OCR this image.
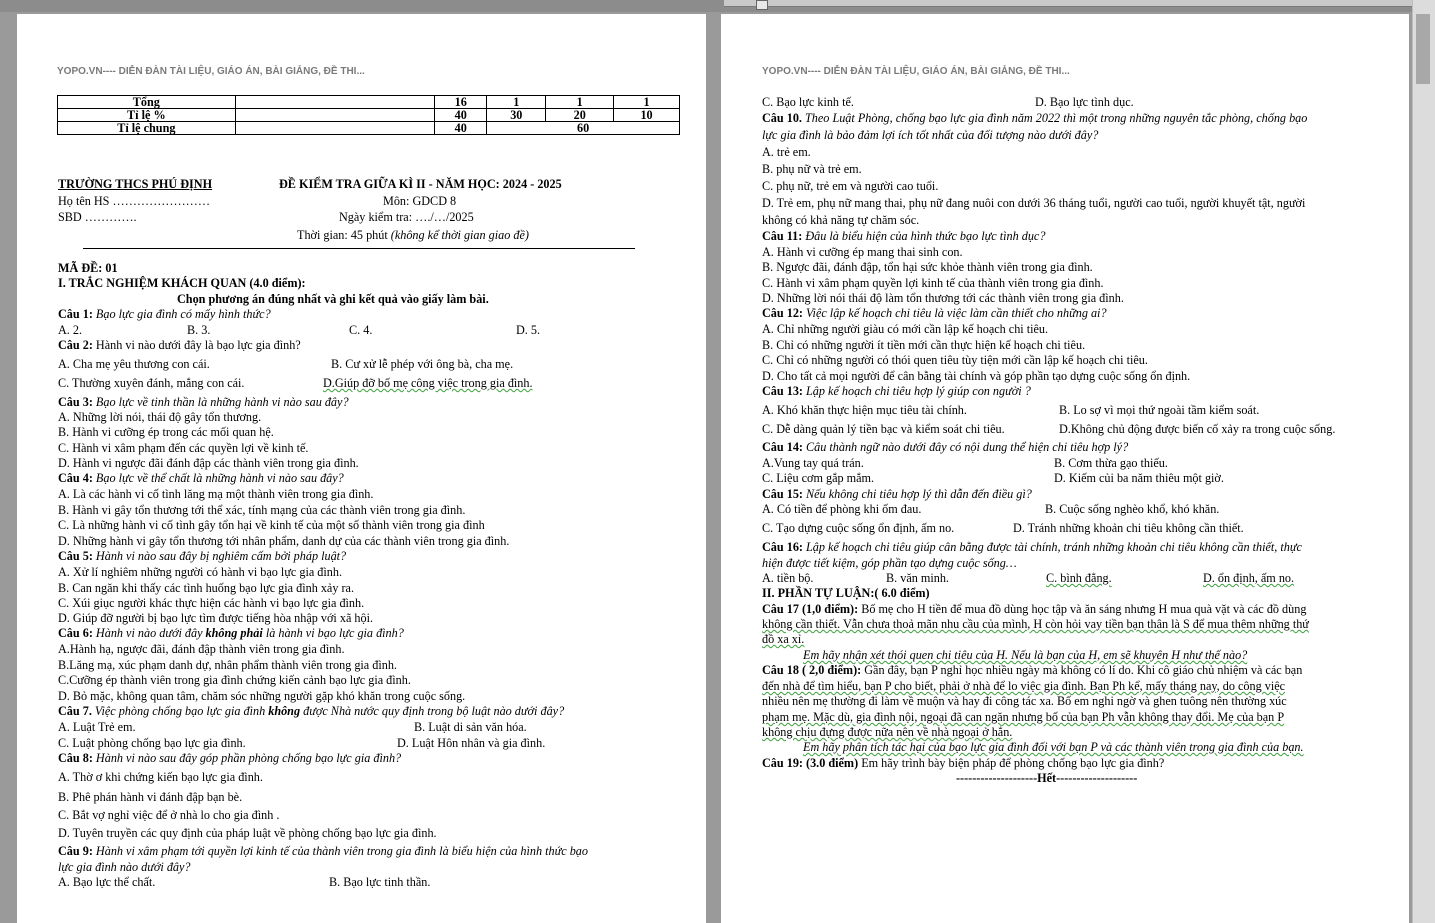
YOPO.VN---- DIỄN ĐÀN TÀI LIỆU, GIÁO ÁN, BÀI GIẢNG, ĐỀ THI...
Tổng		16	1	1	1
Tỉ lệ %		40	30	20	10
Tỉ lệ chung		40	60		
TRƯỜNG THCS PHÚ ĐỊNH	ĐỀ KIỂM TRA GIỮA KÌ II - NĂM HỌC: 2024 - 2025
Họ tên HS ……………………	Môn: GDCD 8
SBD ………….	Ngày kiểm tra: …./…/2025
Thời gian: 45 phút (không kể thời gian giao đề)
MÃ ĐỀ: 01
I. TRẮC NGHIỆM KHÁCH QUAN (4.0 điểm):
Chọn phương án đúng nhất và ghi kết quả vào giấy làm bài.
Câu 1: Bạo lực gia đình có mấy hình thức?
A. 2.	B. 3.	C. 4.	D. 5.
Câu 2: Hành vi nào dưới đây là bạo lực gia đình?
A. Cha mẹ yêu thương con cái.	B. Cư xử lễ phép với ông bà, cha mẹ.
C. Thường xuyên đánh, mắng con cái.	D.Giúp đỡ bố mẹ công việc trong gia đình.
Câu 3: Bạo lực về tinh thần là những hành vi nào sau đây?
A. Những lời nói, thái độ gây tổn thương.
B. Hành vi cưỡng ép trong các mối quan hệ.
C. Hành vi xâm phạm đến các quyền lợi về kinh tế.
D. Hành vi ngược đãi đánh đập các thành viên trong gia đình.
Câu 4: Bạo lực về thể chất là những hành vi nào sau đây?
A. Là các hành vi cố tình lăng mạ một thành viên trong gia đình.
B. Hành vi gây tổn thương tới thể xác, tính mạng của các thành viên trong gia đình.
C. Là những hành vi cố tình gây tổn hại về kinh tế của một số thành viên trong gia đình
D. Những hành vi gây tổn thương tới nhân phẩm, danh dự của các thành viên trong gia đình.
Câu 5: Hành vi nào sau đây bị nghiêm cấm bởi pháp luật?
A. Xử lí nghiêm những người có hành vi bạo lực gia đình.
B. Can ngăn khi thấy các tình huống bạo lực gia đình xảy ra.
C. Xúi giục người khác thực hiện các hành vi bạo lực gia đình.
D. Giúp đỡ người bị bạo lực tìm được tiếng hòa nhập với xã hội.
Câu 6: Hành vi nào dưới đây không phải là hành vi bạo lực gia đình?
A.Hành hạ, ngược đãi, đánh đập thành viên trong gia đình.
B.Lăng mạ, xúc phạm danh dự, nhân phẩm thành viên trong gia đình.
C.Cưỡng ép thành viên trong gia đình chứng kiến cảnh bạo lực gia đình.
D. Bỏ mặc, không quan tâm, chăm sóc những người gặp khó khăn trong cuộc sống.
Câu 7. Việc phòng chống bạo lực gia đình không được Nhà nước quy định trong bộ luật nào dưới đây?
A. Luật Trẻ em.	B. Luật di sản văn hóa.
C. Luật phòng chống bạo lực gia đình.	D. Luật Hôn nhân và gia đình.
Câu 8: Hành vi nào sau đây góp phần phòng chống bạo lực gia đình?
A. Thờ ơ khi chứng kiến bạo lực gia đình.
B. Phê phán hành vi đánh đập bạn bè.
C. Bắt vợ nghỉ việc để ở nhà lo cho gia đình .
D. Tuyên truyền các quy định của pháp luật về phòng chống bạo lực gia đình.
Câu 9: Hành vi xâm phạm tới quyền lợi kinh tế của thành viên trong gia đình là biểu hiện của hình thức bạo
lực gia đình nào dưới đây?
A. Bạo lực thể chất.	B. Bạo lực tinh thần.
YOPO.VN---- DIỄN ĐÀN TÀI LIỆU, GIÁO ÁN, BÀI GIẢNG, ĐỀ THI...
C. Bạo lực kinh tế.	D. Bạo lực tình dục.
Câu 10. Theo Luật Phòng, chống bạo lực gia đình năm 2022 thì một trong những nguyên tắc phòng, chống bạo
lực gia đình là bảo đảm lợi ích tốt nhất của đối tượng nào dưới đây?
A. trẻ em.
B. phụ nữ và trẻ em.
C. phụ nữ, trẻ em và người cao tuổi.
D. Trẻ em, phụ nữ mang thai, phụ nữ đang nuôi con dưới 36 tháng tuổi, người cao tuổi, người khuyết tật, người
không có khả năng tự chăm sóc.
Câu 11: Đâu là biểu hiện của hình thức bạo lực tình dục?
A. Hành vi cưỡng ép mang thai sinh con.
B. Ngược đãi, đánh đập, tổn hại sức khỏe thành viên trong gia đình.
C. Hành vi xâm phạm quyền lợi kinh tế của thành viên trong gia đình.
D. Những lời nói thái độ làm tổn thương tới các thành viên trong gia đình.
Câu 12: Việc lập kế hoạch chi tiêu là việc làm cần thiết cho những ai?
A. Chỉ những người giàu có mới cần lập kế hoạch chi tiêu.
B. Chỉ có những người ít tiền mới cần thực hiện kế hoạch chi tiêu.
C. Chỉ có những người có thói quen tiêu tùy tiện mới cần lập kế hoạch chi tiêu.
D. Cho tất cả mọi người để cân bằng tài chính và góp phần tạo dựng cuộc sống ổn định.
Câu 13: Lập kế hoạch chi tiêu hợp lý giúp con người ?
A. Khó khăn thực hiện mục tiêu tài chính.	B. Lo sợ vì mọi thứ ngoài tầm kiểm soát.
C. Dễ dàng quản lý tiền bạc và kiểm soát chi tiêu.	D.Không chủ động được biến cố xảy ra trong cuộc sống.
Câu 14: Câu thành ngữ nào dưới đây có nội dung thể hiện chi tiêu hợp lý?
A.Vung tay quá trán.	B. Cơm thừa gạo thiếu.
C. Liệu cơm gắp mắm.	D. Kiếm củi ba năm thiêu một giờ.
Câu 15: Nếu không chi tiêu hợp lý thì dẫn đến điều gì?
A. Có tiền để phòng khi ốm đau.	B. Cuộc sống nghèo khổ, khó khăn.
C. Tạo dựng cuộc sống ổn định, ấm no.	D. Tránh những khoản chi tiêu không cần thiết.
Câu 16: Lập kế hoạch chi tiêu giúp cân bằng được tài chính, tránh những khoản chi tiêu không cần thiết, thực
hiện được tiết kiệm, góp phần tạo dựng cuộc sống…
A. tiền bộ.	B. văn minh.	C. bình đẳng.	D. ổn định, ấm no.
II. PHẦN TỰ LUẬN:( 6.0 điểm)
Câu 17 (1,0 điểm): Bố mẹ cho H tiền để mua đồ dùng học tập và ăn sáng nhưng H mua quà vặt và các đồ dùng
không cần thiết. Vẫn chưa thoả mãn nhu cầu của mình, H còn hỏi vay tiền bạn thân là S để mua thêm những thứ
đồ xa xỉ.
Em hãy nhận xét thói quen chi tiêu của H. Nếu là bạn của H, em sẽ khuyên H như thế nào?
Câu 18 ( 2,0 điểm): Gần đây, bạn P nghỉ học nhiều ngày mà không có lí do. Khi cô giáo chủ nhiệm và các bạn
đến nhà để tìm hiểu, bạn P cho biết, phải ở nhà để lo việc gia đình. Bạn Ph kể, mấy tháng nay, do công việc
nhiều nên mẹ thường đi làm về muộn và hay đi công tác xa. Bố em nghi ngờ và ghen tuông nên thường xúc
phạm mẹ. Mặc dù, gia đình nội, ngoại đã can ngăn nhưng bố của bạn Ph vẫn không thay đổi. Mẹ của bạn P
không chịu đựng được nữa nên về nhà ngoại ở hẳn.
Em hãy phân tích tác hại của bạo lực gia đình đối với bạn P và các thành viên trong gia đình của bạn.
Câu 19: (3.0 điểm) Em hãy trình bày biện pháp để phòng chống bạo lực gia đình?
--------------------Hết--------------------
